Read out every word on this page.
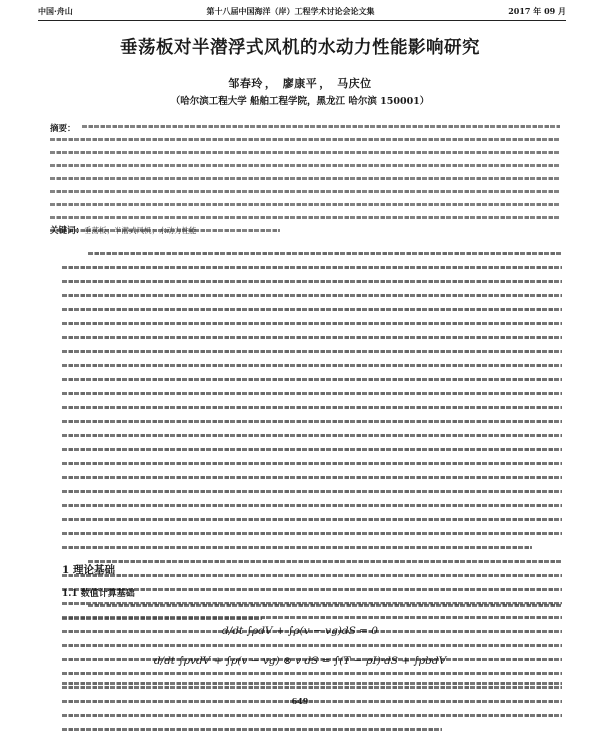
中国·舟山	第十八届中国海洋（岸）工程学术讨论会论文集	2017 年 09 月
垂荡板对半潜浮式风机的水动力性能影响研究
邹春玲 ， 廖康平 ， 马庆位
（哈尔滨工程大学 船舶工程学院，黑龙江 哈尔滨 150001）
摘要：
关键词：垂荡板；半潜式风机；水动力性能
1 理论基础
1.1 数值计算基础
d/dt ∫ρdV + ∫ρ(v − vg)dS = 0
d/dt ∫ρvdV + ∫ρ(v − vg) ⊗ v dS = ∫(T − pI)·dS + ∫ρbdV
649
